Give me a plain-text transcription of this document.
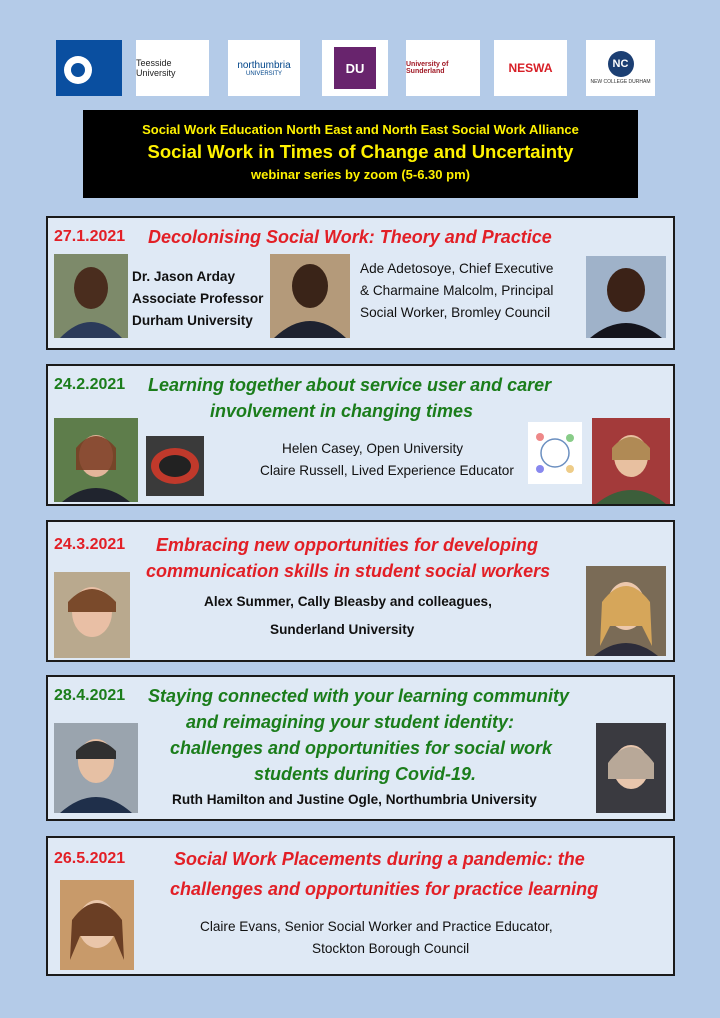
Teesside University
northumbria
UNIVERSITY	DU	University of Sunderland	NESWA	NC
NEW COLLEGE DURHAM
Social Work Education North East and North East Social Work Alliance
Social Work in Times of Change and Uncertainty
webinar series by zoom (5-6.30 pm)
27.1.2021 Decolonising Social Work: Theory and Practice
Dr. Jason Arday
Associate Professor
Durham University
Ade Adetosoye, Chief Executive
& Charmaine Malcolm, Principal
Social Worker, Bromley Council
24.2.2021 Learning together about service user and carer
involvement in changing times
Helen Casey, Open University
Claire Russell, Lived Experience Educator
24.3.2021 Embracing new opportunities for developing
communication skills in student social workers
Alex Summer, Cally Bleasby and colleagues,
Sunderland University
28.4.2021 Staying connected with your learning community
and reimagining your student identity:
challenges and opportunities for social work
students during Covid-19.
Ruth Hamilton and Justine Ogle, Northumbria University
26.5.2021	Social Work Placements during a pandemic: the
challenges and opportunities for practice learning
Claire Evans, Senior Social Worker and Practice Educator,
Stockton Borough Council
